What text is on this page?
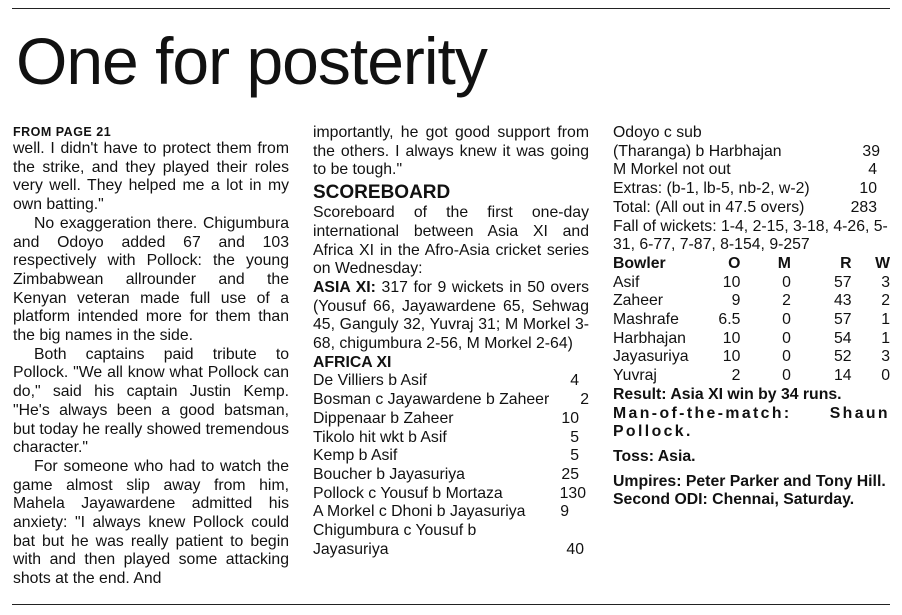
One for posterity
FROM PAGE 21

well. I didn't have to protect them from the strike, and they played their roles very well. They helped me a lot in my own batting."

No exaggeration there. Chigumbura and Odoyo added 67 and 103 respectively with Pollock: the young Zimbabwean allrounder and the Kenyan veteran made full use of a platform intended more for them than the big names in the side.

Both captains paid tribute to Pollock. "We all know what Pollock can do," said his captain Justin Kemp. "He's always been a good batsman, but today he really showed tremendous character."

For someone who had to watch the game almost slip away from him, Mahela Jayawardene admitted his anxiety: "I always knew Pollock could bat but he was really patient to begin with and then played some attacking shots at the end. And

importantly, he got good support from the others. I always knew it was going to be tough."

SCOREBOARD

Scoreboard of the first one-day international between Asia XI and Africa XI in the Afro-Asia cricket series on Wednesday:

ASIA XI: 317 for 9 wickets in 50 overs (Yousuf 66, Jayawardene 65, Sehwag 45, Ganguly 32, Yuvraj 31; M Morkel 3-68, chigumbura 2-56, M Morkel 2-64)

AFRICA XI
De Villiers b Asif	4
Bosman c Jayawardene b Zaheer	2
Dippenaar b Zaheer	10
Tikolo hit wkt b Asif	5
Kemp b Asif	5
Boucher b Jayasuriya	25
Pollock c Yousuf b Mortaza	130
A Morkel c Dhoni b Jayasuriya	9
Chigumbura c Yousuf b
Jayasuriya	40
Odoyo c sub
(Tharanga) b Harbhajan	39
M Morkel not out	4
Extras: (b-1, lb-5, nb-2, w-2)	10
Total: (All out in 47.5 overs)	283

Fall of wickets: 1-4, 2-15, 3-18, 4-26, 5-31, 6-77, 7-87, 8-154, 9-257

Bowler	O	M	R	W
Asif	10	0	57	3
Zaheer	9	2	43	2
Mashrafe	6.5	0	57	1
Harbhajan	10	0	54	1
Jayasuriya	10	0	52	3
Yuvraj	2	0	14	0

Result: Asia XI win by 34 runs.

Man-of-the-match: Shaun Pollock.

Toss: Asia.

Umpires: Peter Parker and Tony Hill.

Second ODI: Chennai, Saturday.
